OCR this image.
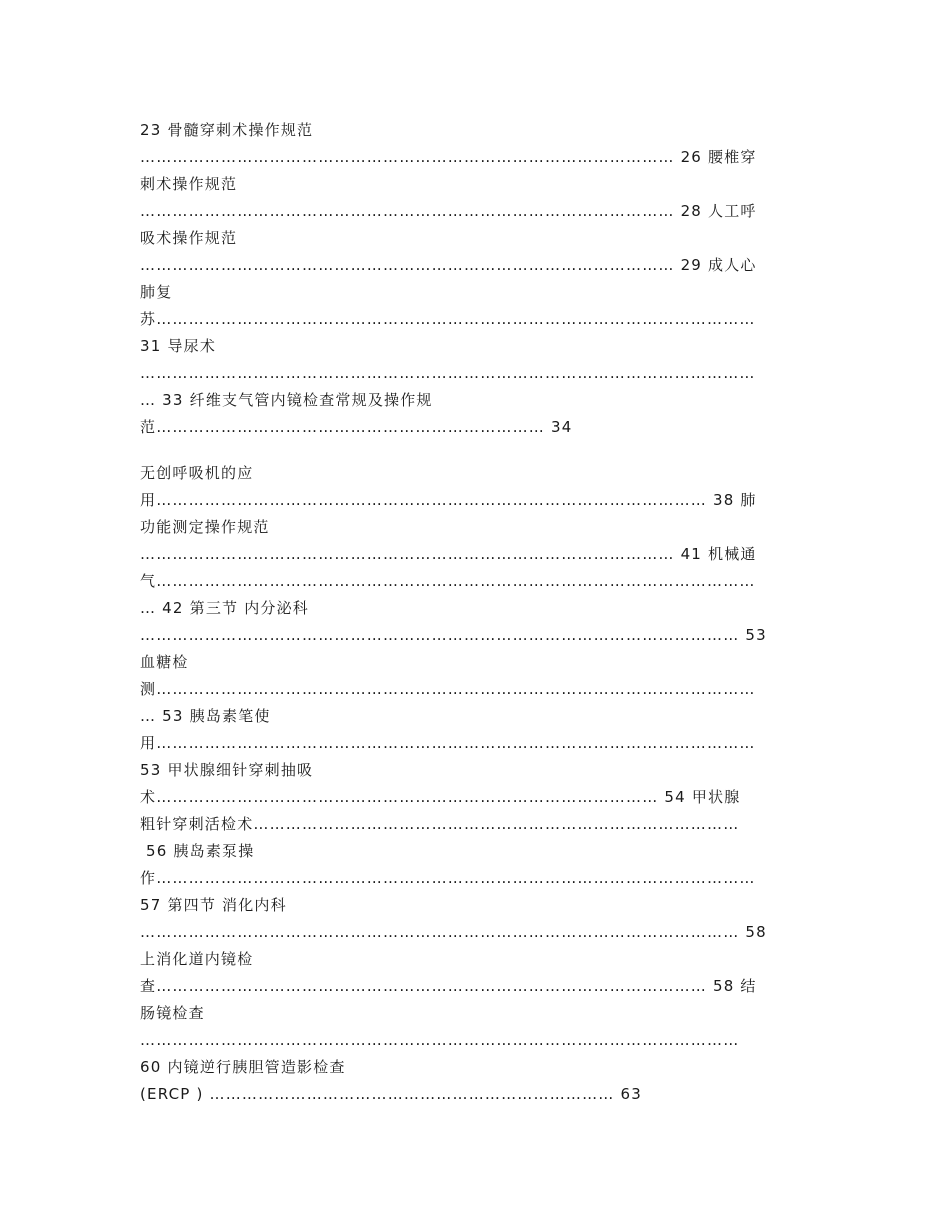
23 骨髓穿刺术操作规范
……………………………………………………………………………………… 26 腰椎穿
刺术操作规范
……………………………………………………………………………………… 28 人工呼
吸术操作规范
……………………………………………………………………………………… 29 成人心
肺复
苏…………………………………………………………………………………………………
31 导尿术
……………………………………………………………………………………………………
… 33 纤维支气管内镜检查常规及操作规
范……………………………………………………………… 34
无创呼吸机的应
用………………………………………………………………………………………… 38 肺
功能测定操作规范
……………………………………………………………………………………… 41 机械通
气…………………………………………………………………………………………………
… 42 第三节 内分泌科
………………………………………………………………………………………………… 53
血糖检
测…………………………………………………………………………………………………
… 53 胰岛素笔使
用…………………………………………………………………………………………………
53 甲状腺细针穿刺抽吸
术………………………………………………………………………………… 54 甲状腺
粗针穿刺活检术………………………………………………………………………………
56 胰岛素泵操
作…………………………………………………………………………………………………
57 第四节 消化内科
………………………………………………………………………………………………… 58
上消化道内镜检
查………………………………………………………………………………………… 58 结
肠镜检查
…………………………………………………………………………………………………
60 内镜逆行胰胆管造影检查
(ERCP ) ………………………………………………………………… 63
